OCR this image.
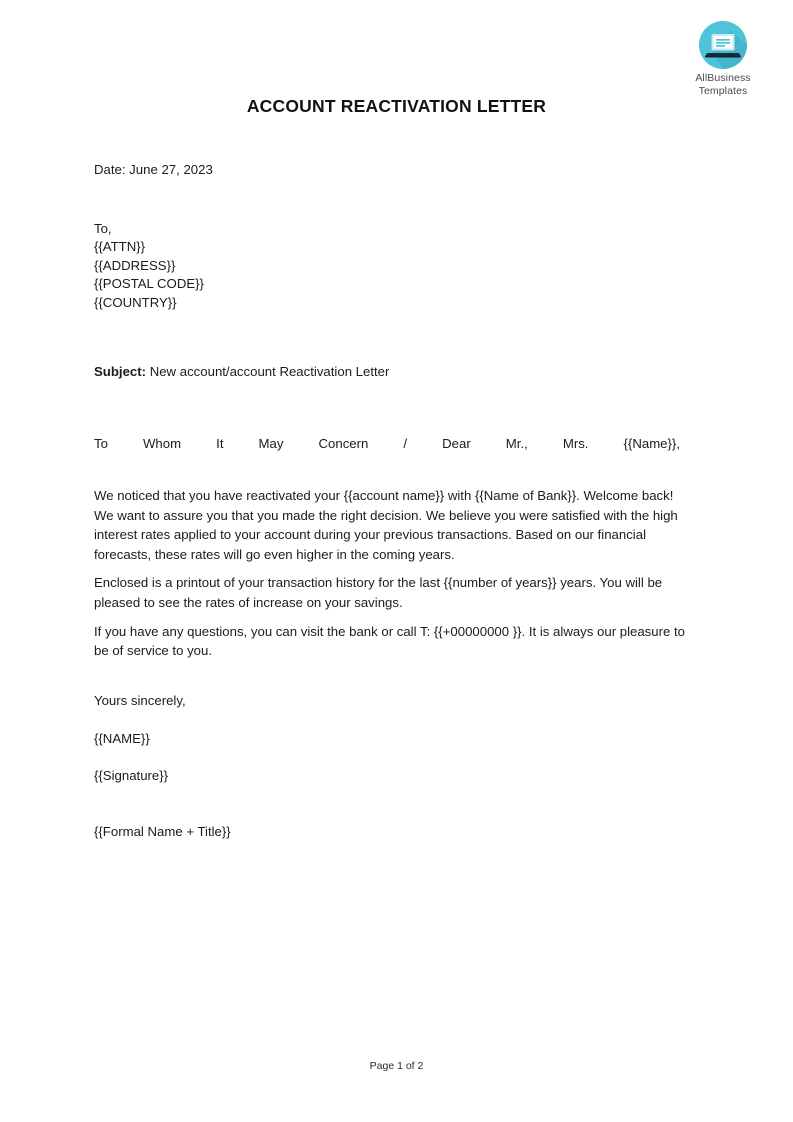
AllBusiness
Templates
ACCOUNT REACTIVATION LETTER
Date: June 27, 2023
To,
{{ATTN}}
{{ADDRESS}}
{{POSTAL CODE}}
{{COUNTRY}}
Subject: New account/account Reactivation Letter
To Whom It May Concern / Dear Mr., Mrs. {{Name}},

We noticed that you have reactivated your {{account name}} with {{Name of Bank}}. Welcome back! We want to assure you that you made the right decision. We believe you were satisfied with the high interest rates applied to your account during your previous transactions. Based on our financial forecasts, these rates will go even higher in the coming years.

Enclosed is a printout of your transaction history for the last {{number of years}} years. You will be pleased to see the rates of increase on your savings.

If you have any questions, you can visit the bank or call T: {{+00000000 }}. It is always our pleasure to be of service to you.

Yours sincerely,
{{NAME}}
{{Signature}}
{{Formal Name + Title}}
Page 1 of 2
